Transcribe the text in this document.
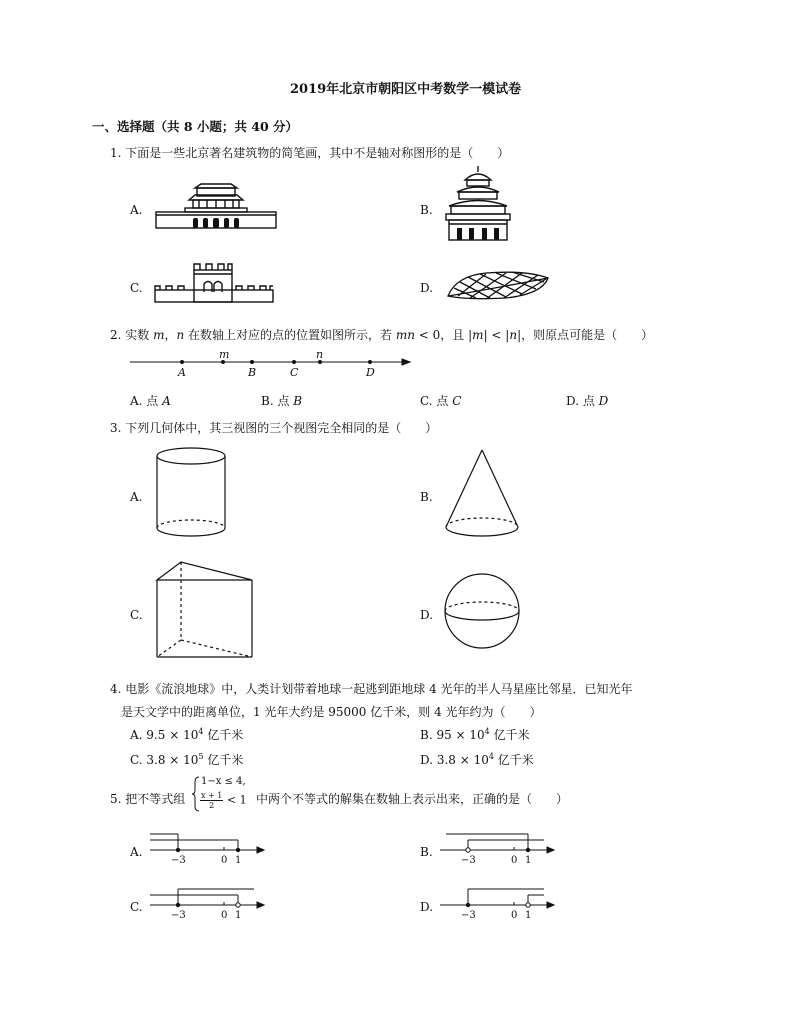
2019年北京市朝阳区中考数学一模试卷
一、选择题（共 8 小题；共 40 分）
1. 下面是一些北京著名建筑物的简笔画，其中不是轴对称图形的是（　　）
A.	B.
C.	D.
2. 实数 m，n 在数轴上对应的点的位置如图所示，若 mn < 0，且 |m| < |n|，则原点可能是（　　）
A	B	C	D
m	n
A. 点 A	B. 点 B	C. 点 C	D. 点 D
3. 下列几何体中，其三视图的三个视图完全相同的是（　　）
A.	B.
C.	D.
4. 电影《流浪地球》中，人类计划带着地球一起逃到距地球 4 光年的半人马星座比邻星．已知光年
是天文学中的距离单位，1 光年大约是 95000 亿千米，则 4 光年约为（　　）
A. $9.5 \times 10^4$ 亿千米	B. $95 \times 10^4$ 亿千米
C. $3.8 \times 10^5$ 亿千米	D. $3.8 \times 10^4$ 亿千米
5. 把不等式组
1−x ≤ 4,
$\frac{x + 1}{2} < 1$ 中两个不等式的解集在数轴上表示出来，正确的是（　　）
A.	B.
C.	D.
−3	0 1	−3	0 1
−3	0 1	−3	0 1
